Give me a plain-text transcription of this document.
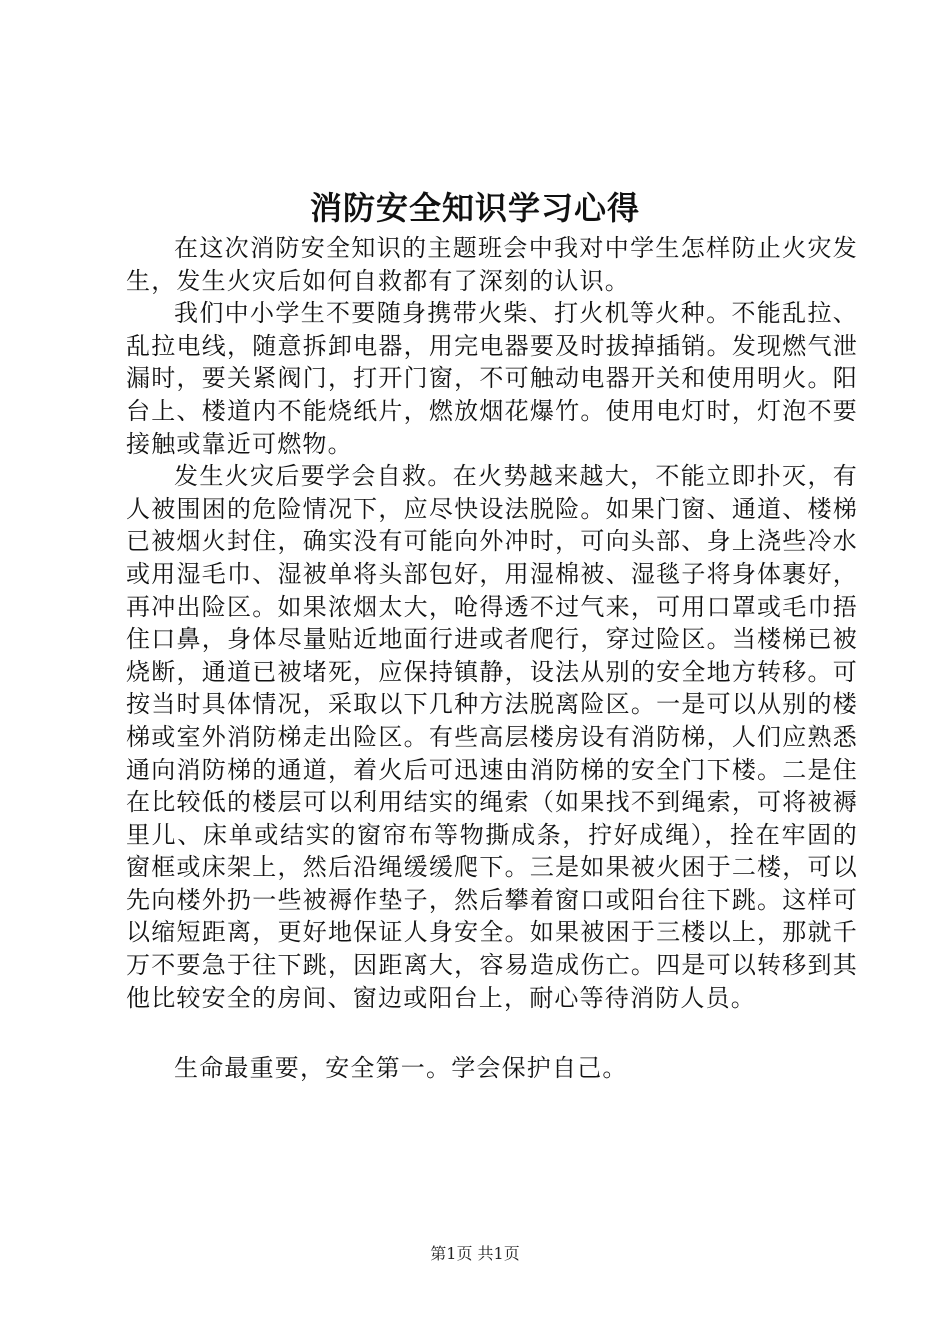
消防安全知识学习心得

在这次消防安全知识的主题班会中我对中学生怎样防止火灾发生，发生火灾后如何自救都有了深刻的认识。

我们中小学生不要随身携带火柴、打火机等火种。不能乱拉、乱拉电线，随意拆卸电器，用完电器要及时拔掉插销。发现燃气泄漏时，要关紧阀门，打开门窗，不可触动电器开关和使用明火。阳台上、楼道内不能烧纸片，燃放烟花爆竹。使用电灯时，灯泡不要接触或靠近可燃物。

发生火灾后要学会自救。在火势越来越大，不能立即扑灭，有人被围困的危险情况下，应尽快设法脱险。如果门窗、通道、楼梯已被烟火封住，确实没有可能向外冲时，可向头部、身上浇些冷水或用湿毛巾、湿被单将头部包好，用湿棉被、湿毯子将身体裹好，再冲出险区。如果浓烟太大，呛得透不过气来，可用口罩或毛巾捂住口鼻，身体尽量贴近地面行进或者爬行，穿过险区。当楼梯已被烧断，通道已被堵死，应保持镇静，设法从别的安全地方转移。可按当时具体情况，采取以下几种方法脱离险区。一是可以从别的楼梯或室外消防梯走出险区。有些高层楼房设有消防梯，人们应熟悉通向消防梯的通道，着火后可迅速由消防梯的安全门下楼。二是住在比较低的楼层可以利用结实的绳索（如果找不到绳索，可将被褥里儿、床单或结实的窗帘布等物撕成条，拧好成绳），拴在牢固的窗框或床架上，然后沿绳缓缓爬下。三是如果被火困于二楼，可以先向楼外扔一些被褥作垫子，然后攀着窗口或阳台往下跳。这样可以缩短距离，更好地保证人身安全。如果被困于三楼以上，那就千万不要急于往下跳，因距离大，容易造成伤亡。四是可以转移到其他比较安全的房间、窗边或阳台上，耐心等待消防人员。

生命最重要，安全第一。学会保护自己。

第1页 共1页
